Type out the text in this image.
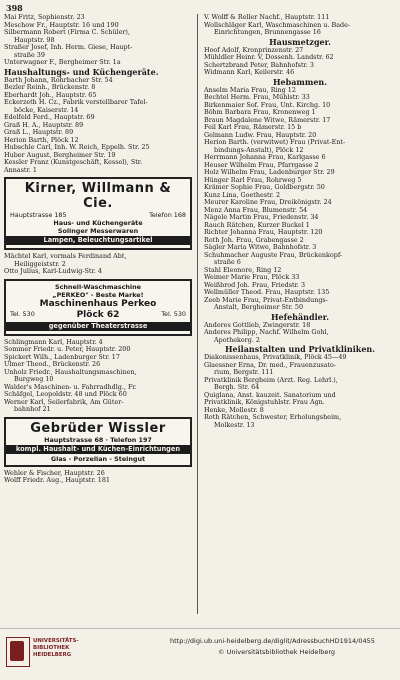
398
Mai Fritz, Sophienstr. 23
Meschow Fr., Hauptstr. 16 und 190
Silbermann Robert (Firma C. Schüler),
Hauptstr. 98
Straßer Josef, Inh. Herm. Giese, Haupt-
straße 39
Unterwagner F., Bergheimer Str. 1a
Haushaltungs- und Küchengeräte.
Barth Johann, Rohrbacher Str. 54
Bezler Reinh., Brückenstr. 8
Eberhardt Joh., Hauptstr. 65
Eckerzeth H. Cz., Fabrik verstellbarer Tafel-
böcke, Kaiserstr. 14
Edelfeld Ferd., Hauptstr. 69
Graß H. A., Hauptstr. 89
Graß L., Hauptstr. 89
Herion Barth, Plöck 12
Hubschle Carl, Inh. W. Reich, Eppelh. Str. 25
Huber August, Bergheimer Str. 19
Kessler Franz (Kunstgeschäft, Kessel), Str.
Annastr. 1
Kirner, Willmann & Cie.
Hauptstrasse 185	Telefon 168
Haus- und Küchengeräte
Solinger Messerwaren
Lampen, Beleuchtungsartikel
Mächtel Karl, vormals Ferdinand Abt,
Heiliggeiststr. 2
Otto Julius, Karl-Ludwig-Str. 4
Schnell-Waschmaschine
„PERKEO" - Beste Marke!
Maschinenhaus Perkeo
Tel. 530	Plöck 62	Tel. 530
gegenüber Theaterstrasse
Schlingmann Karl, Hauptstr. 4
Sommer Friedr. u. Peter, Hauptstr. 200
Spickert Wilh., Ladenburger Str. 17
Ulmer Theod., Brückenstr. 26
Unholz Friedr., Haushaltungsmaschinen,
Burgweg 10
Walder's Maschinen- u. Fahrradhdlg., Fr.
Schäfgel, Leopoldstr. 48 und Plöck 60
Werner Karl, Seilerfabrik, Am Güter-
bahnhof 21
Gebrüder Wissler
Hauptstrasse 68 · Telefon 197
kompl. Haushalt- und Küchen-Einrichtungen
Glas - Porzellan - Steingut
Wehler & Fischer, Hauptstr. 26
Wolff Friedr. Aug., Hauptstr. 181
V. Wolff & Reller Nachf., Hauptstr. 111
Wollschläger Karl, Waschmaschinen u. Bade-
Einrichtungen, Brunnengasse 16
Hausmetzger.
Hoof Adolf, Kronprinzenstr. 27
Mühldler Heinr. V, Dossenh. Landstr. 62
Schertzbrand Peter, Bahnhofstr. 3
Widmann Karl, Keilerstr. 46
Hebammen.
Anselm Maria Frau, Ring 12
Bechtel Herm. Frau, Mühlstr. 33
Birkenmaier Sof. Frau, Unt. Kirchg. 10
Böhm Barbara Frau, Kronenweg 1
Braun Magdalene Witwe, Rämerstr. 17
Feil Karl Frau, Rämerstr. 15 b
Gelmann Ludw. Frau, Hauptstr. 20
Herion Barth. (verwitwet) Frau (Privat-Ent-
bindungs-Anstalt), Plöck 12
Herrmann Johanna Frau, Karlgasse 6
Heuser Wilhelm Frau, Pfarrgasse 2
Holz Wilhelm Frau, Ladenburger Str. 29
Hünger Rarl Frau, Rohrweg 5
Krämer Sophie Frau, Goldbergstr. 50
Kunz Lina, Goethestr. 2
Meurer Karoline Frau, Dreikönigstr. 24
Menz Anna Frau, Blumenstr. 54
Nägele Martin Frau, Friedenstr. 34
Rauch Rätchen, Kurzer Buckel 1
Richter Johanna Frau, Hauptstr. 120
Roth Joh. Frau, Grabengasse 2
Sägler Maria Witwe, Bahnhofstr. 3
Schuhmacher Auguste Frau, Brückenkopf-
straße 6
Stahl Eleonore, Ring 12
Weimer Marie Frau, Plöck 33
Weißbrod Joh. Frau, Friedstr. 3
Wellmüller Theod. Frau, Hauptstr. 135
Zeeb Marie Frau, Privat-Entbindungs-
Anstalt, Bergheimer Str. 50
Hefehändler.
Anderes Gottlieb, Zwingerstr. 18
Anderes Philipp, Nachf. Wilhelm Gohl,
Apothekerg. 2
Heilanstalten und Privatkliniken.
Diakonissenhaus, Privatklinik, Plöck 45—49
Glaessner Erna, Dr. med., Frauenzusato-
rium, Bergstr. 111
Privatklinik Bergheim (Ärzt. Reg. Lehrl.),
Bergh. Str. 64
Quiglana, Anst. kauzeit. Sanatorium und
Privatklinik, Königstuhlstr. Frau Agn.
Henke, Mollestr. 8
Roth Rätchen, Schwester, Erholungsheim,
Molkestr. 13
UNIVERSITÄTS-
BIBLIOTHEK
HEIDELBERG
http://digi.ub.uni-heidelberg.de/diglit/AdressbuchHD1914/0455
© Universitätsbibliothek Heidelberg
